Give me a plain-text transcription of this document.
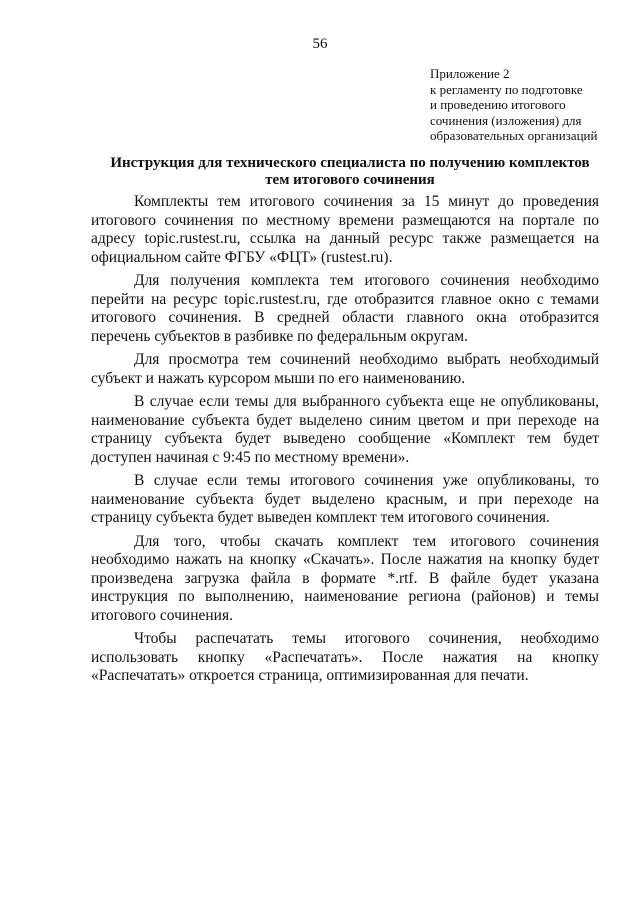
56
Приложение 2
к регламенту по подготовке
и проведению итогового
сочинения (изложения) для
образовательных организаций
Инструкция для технического специалиста по получению комплектов
тем итогового сочинения

Комплекты тем итогового сочинения за 15 минут до проведения итогового сочинения по местному времени размещаются на портале по адресу topic.rustest.ru, ссылка на данный ресурс также размещается на официальном сайте ФГБУ «ФЦТ» (rustest.ru).

Для получения комплекта тем итогового сочинения необходимо перейти на ресурс topic.rustest.ru, где отобразится главное окно с темами итогового сочинения. В средней области главного окна отобразится перечень субъектов в разбивке по федеральным округам.

Для просмотра тем сочинений необходимо выбрать необходимый субъект и нажать курсором мыши по его наименованию.

В случае если темы для выбранного субъекта еще не опубликованы, наименование субъекта будет выделено синим цветом и при переходе на страницу субъекта будет выведено сообщение «Комплект тем будет доступен начиная с 9:45 по местному времени».

В случае если темы итогового сочинения уже опубликованы, то наименование субъекта будет выделено красным, и при переходе на страницу субъекта будет выведен комплект тем итогового сочинения.

Для того, чтобы скачать комплект тем итогового сочинения необходимо нажать на кнопку «Скачать». После нажатия на кнопку будет произведена загрузка файла в формате *.rtf. В файле будет указана инструкция по выполнению, наименование региона (районов) и темы итогового сочинения.

Чтобы распечатать темы итогового сочинения, необходимо использовать кнопку «Распечатать». После нажатия на кнопку «Распечатать» откроется страница, оптимизированная для печати.
